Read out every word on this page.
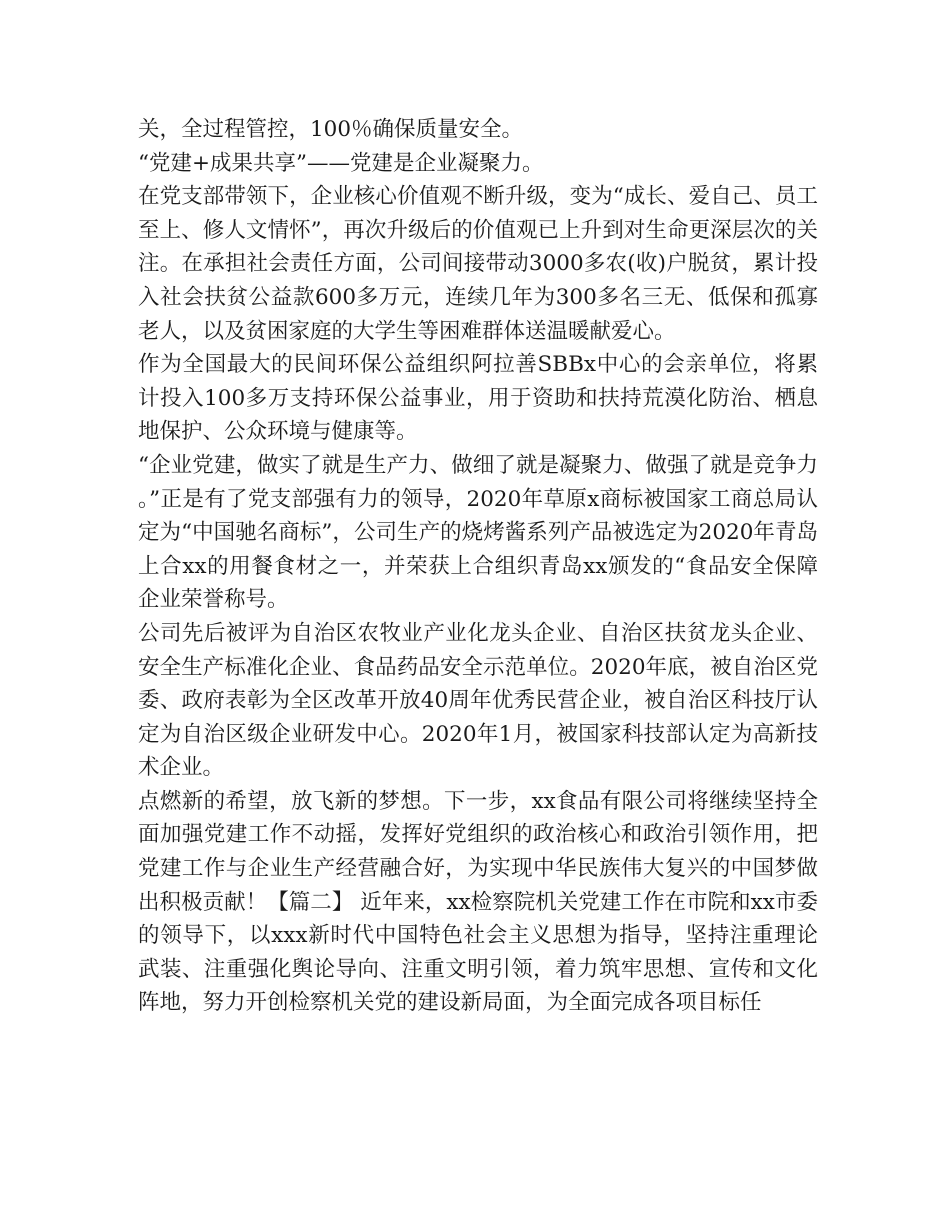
关，全过程管控，100％确保质量安全。

“党建+成果共享”——党建是企业凝聚力。

在党支部带领下，企业核心价值观不断升级，变为“成长、爱自己、员工至上、修人文情怀”，再次升级后的价值观已上升到对生命更深层次的关注。在承担社会责任方面，公司间接带动3000多农(收)户脱贫，累计投入社会扶贫公益款600多万元，连续几年为300多名三无、低保和孤寡老人，以及贫困家庭的大学生等困难群体送温暖献爱心。

作为全国最大的民间环保公益组织阿拉善SBBx中心的会亲单位，将累计投入100多万支持环保公益事业，用于资助和扶持荒漠化防治、栖息地保护、公众环境与健康等。

“企业党建，做实了就是生产力、做细了就是凝聚力、做强了就是竞争力。”正是有了党支部强有力的领导，2020年草原x商标被国家工商总局认定为“中国驰名商标”，公司生产的烧烤酱系列产品被选定为2020年青岛上合xx的用餐食材之一，并荣获上合组织青岛xx颁发的“食品安全保障企业荣誉称号。

公司先后被评为自治区农牧业产业化龙头企业、自治区扶贫龙头企业、安全生产标准化企业、食品药品安全示范单位。2020年底，被自治区党委、政府表彰为全区改革开放40周年优秀民营企业，被自治区科技厅认定为自治区级企业研发中心。2020年1月，被国家科技部认定为高新技术企业。

点燃新的希望，放飞新的梦想。下一步，xx食品有限公司将继续坚持全面加强党建工作不动摇，发挥好党组织的政治核心和政治引领作用，把党建工作与企业生产经营融合好，为实现中华民族伟大复兴的中国梦做出积极贡献！【篇二】 近年来，xx检察院机关党建工作在市院和xx市委的领导下，以xxx新时代中国特色社会主义思想为指导，坚持注重理论武装、注重强化舆论导向、注重文明引领，着力筑牢思想、宣传和文化阵地，努力开创检察机关党的建设新局面，为全面完成各项目标任
